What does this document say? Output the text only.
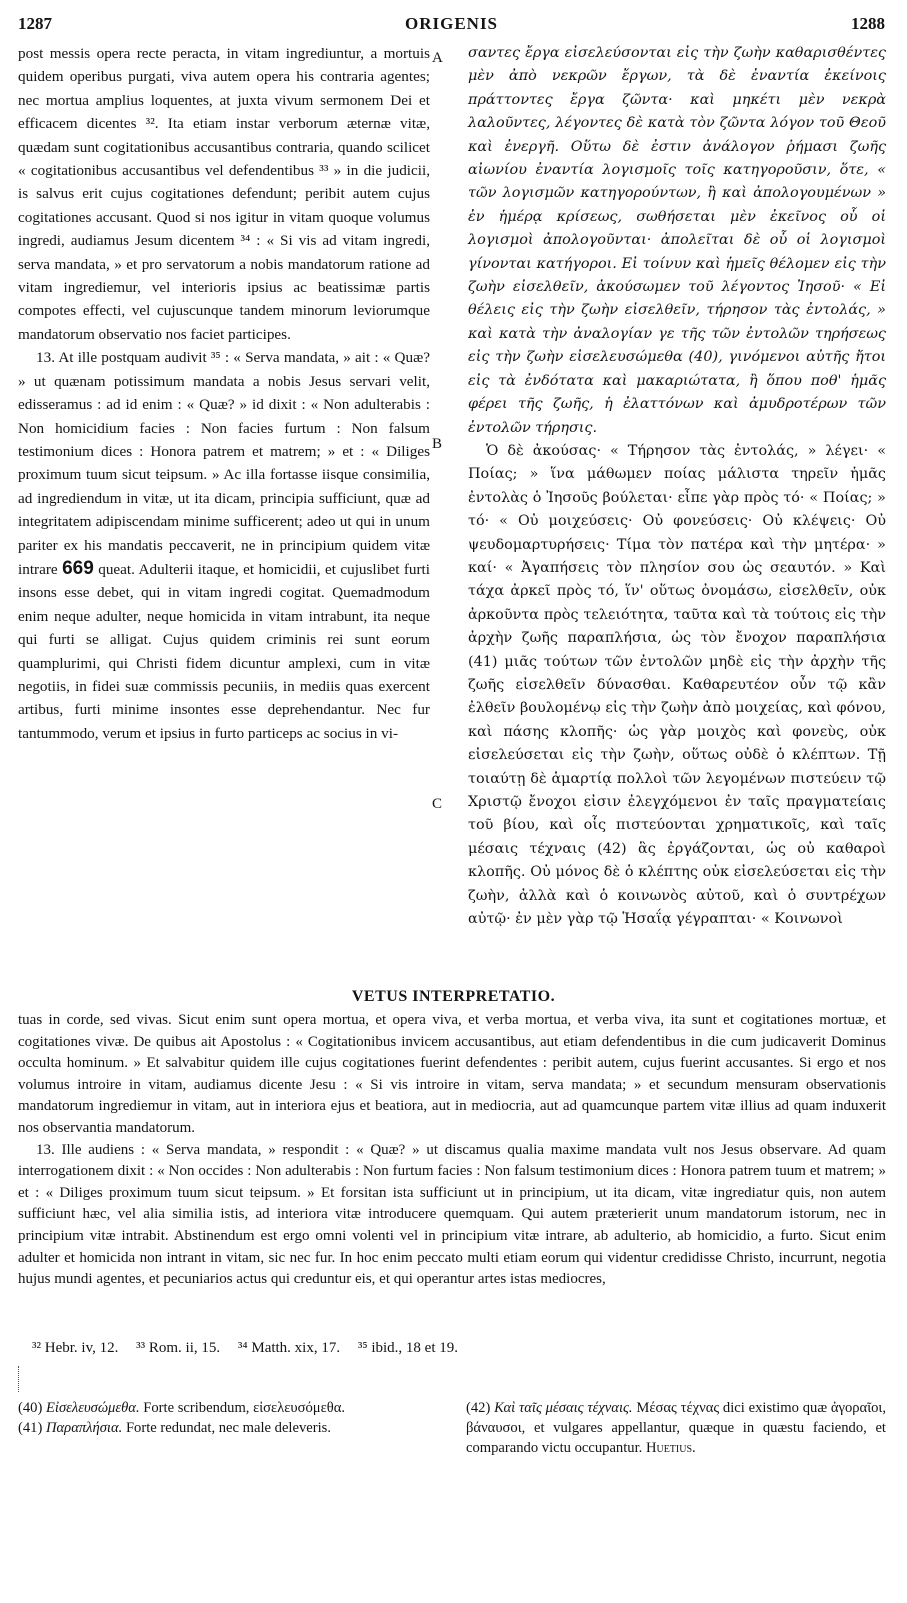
1287	ORIGENIS	1288

post messis opera recte peracta, in vitam ingrediuntur, a mortuis quidem operibus purgati, viva autem opera his contraria agentes; nec mortua amplius loquentes, at juxta vivum sermonem Dei et efficacem dicentes ³². Ita etiam instar verborum æternæ vitæ, quædam sunt cogitationibus accusantibus contraria, quando scilicet « cogitationibus accusantibus vel defendentibus ³³ » in die judicii, is salvus erit cujus cogitationes defendunt; peribit autem cujus cogitationes accusant. Quod si nos igitur in vitam quoque volumus ingredi, audiamus Jesum dicentem ³⁴ : « Si vis ad vitam ingredi, serva mandata, » et pro servatorum a nobis mandatorum ratione ad vitam ingrediemur, vel interioris ipsius ac beatissimæ partis compotes effecti, vel cujuscunque tandem minorum leviorumque mandatorum observatio nos faciet participes.

13. At ille postquam audivit ³⁵ : « Serva mandata, » ait : « Quæ? » ut quænam potissimum mandata a nobis Jesus servari velit, edisseramus : ad id enim : « Quæ? » id dixit : « Non adulterabis : Non homicidium facies : Non facies furtum : Non falsum testimonium dices : Honora patrem et matrem; » et : « Diliges proximum tuum sicut teipsum. » Ac illa fortasse iisque consimilia, ad ingrediendum in vitæ, ut ita dicam, principia sufficiunt, quæ ad integritatem adipiscendam minime sufficerent; adeo ut qui in unum pariter ex his mandatis peccaverit, ne in principium quidem vitæ intrare 669 queat. Adulterii itaque, et homicidii, et cujuslibet furti insons esse debet, qui in vitam ingredi cogitat. Quemadmodum enim neque adulter, neque homicida in vitam intrabunt, ita neque qui furti se alligat. Cujus quidem criminis rei sunt eorum quamplurimi, qui Christi fidem dicuntur amplexi, cum in vitæ negotiis, in fidei suæ commissis pecuniis, in mediis quas exercent artibus, furti minime insontes esse deprehendantur. Nec fur tantummodo, verum et ipsius in furto particeps ac socius in vi-

A
B
C

σαντες ἔργα εἰσελεύσονται εἰς τὴν ζωὴν καθαρισθέντες μὲν ἀπὸ νεκρῶν ἔργων, τὰ δὲ ἐναντία ἐκείνοις πράττοντες ἔργα ζῶντα· καὶ μηκέτι μὲν νεκρὰ λαλοῦντες, λέγοντες δὲ κατὰ τὸν ζῶντα λόγον τοῦ Θεοῦ καὶ ἐνεργῆ. Οὕτω δὲ ἐστιν ἀνάλογον ῥήμασι ζωῆς αἰωνίου ἐναντία λογισμοῖς τοῖς κατηγοροῦσιν, ὅτε, « τῶν λογισμῶν κατηγορούντων, ἢ καὶ ἀπολογουμένων » ἐν ἡμέρᾳ κρίσεως, σωθήσεται μὲν ἐκεῖνος οὗ οἱ λογισμοὶ ἀπολογοῦνται· ἀπολεῖται δὲ οὗ οἱ λογισμοὶ γίνονται κατήγοροι. Εἰ τοίνυν καὶ ἡμεῖς θέλομεν εἰς τὴν ζωὴν εἰσελθεῖν, ἀκούσωμεν τοῦ λέγοντος Ἰησοῦ· « Εἰ θέλεις εἰς τὴν ζωὴν εἰσελθεῖν, τήρησον τὰς ἐντολάς, » καὶ κατὰ τὴν ἀναλογίαν γε τῆς τῶν ἐντολῶν τηρήσεως εἰς τὴν ζωὴν εἰσελευσώμεθα (40), γινόμενοι αὐτῆς ἤτοι εἰς τὰ ἐνδότατα καὶ μακαριώτατα, ἢ ὅπου ποθ' ἡμᾶς φέρει τῆς ζωῆς, ἡ ἐλαττόνων καὶ ἀμυδροτέρων τῶν ἐντολῶν τήρησις.

Ὁ δὲ ἀκούσας· « Τήρησον τὰς ἐντολάς, » λέγει· « Ποίας; » ἵνα μάθωμεν ποίας μάλιστα τηρεῖν ἡμᾶς ἐντολὰς ὁ Ἰησοῦς βούλεται· εἶπε γὰρ πρὸς τό· « Ποίας; » τό· « Οὐ μοιχεύσεις· Οὐ φονεύσεις· Οὐ κλέψεις· Οὐ ψευδομαρτυρήσεις· Τίμα τὸν πατέρα καὶ τὴν μητέρα· » καί· « Ἀγαπήσεις τὸν πλησίον σου ὡς σεαυτόν. » Καὶ τάχα ἀρκεῖ πρὸς τό, ἵν' οὕτως ὀνομάσω, εἰσελθεῖν, οὐκ ἀρκοῦντα πρὸς τελειότητα, ταῦτα καὶ τὰ τούτοις εἰς τὴν ἀρχὴν ζωῆς παραπλήσια, ὡς τὸν ἔνοχον παραπλήσια (41) μιᾶς τούτων τῶν ἐντολῶν μηδὲ εἰς τὴν ἀρχὴν τῆς ζωῆς εἰσελθεῖν δύνασθαι. Καθαρευτέον οὖν τῷ κἂν ἐλθεῖν βουλομένῳ εἰς τὴν ζωὴν ἀπὸ μοιχείας, καὶ φόνου, καὶ πάσης κλοπῆς· ὡς γὰρ μοιχὸς καὶ φονεὺς, οὐκ εἰσελεύσεται εἰς τὴν ζωὴν, οὕτως οὐδὲ ὁ κλέπτων. Τῇ τοιαύτῃ δὲ ἁμαρτίᾳ πολλοὶ τῶν λεγομένων πιστεύειν τῷ Χριστῷ ἔνοχοι εἰσιν ἐλεγχόμενοι ἐν ταῖς πραγματείαις τοῦ βίου, καὶ οἷς πιστεύονται χρηματικοῖς, καὶ ταῖς μέσαις τέχναις (42) ἃς ἐργάζονται, ὡς οὐ καθαροὶ κλοπῆς. Οὐ μόνος δὲ ὁ κλέπτης οὐκ εἰσελεύσεται εἰς τὴν ζωὴν, ἀλλὰ καὶ ὁ κοινωνὸς αὐτοῦ, καὶ ὁ συντρέχων αὐτῷ· ἐν μὲν γὰρ τῷ Ἡσαΐᾳ γέγραπται· « Κοινωνοὶ

VETUS INTERPRETATIO.

tuas in corde, sed vivas. Sicut enim sunt opera mortua, et opera viva, et verba mortua, et verba viva, ita sunt et cogitationes mortuæ, et cogitationes vivæ. De quibus ait Apostolus : « Cogitationibus invicem accusantibus, aut etiam defendentibus in die cum judicaverit Dominus occulta hominum. » Et salvabitur quidem ille cujus cogitationes fuerint defendentes : peribit autem, cujus fuerint accusantes. Si ergo et nos volumus introire in vitam, audiamus dicente Jesu : « Si vis introire in vitam, serva mandata; » et secundum mensuram observationis mandatorum ingrediemur in vitam, aut in interiora ejus et beatiora, aut in mediocria, aut ad quamcunque partem vitæ illius ad quam induxerit nos observantia mandatorum.

13. Ille audiens : « Serva mandata, » respondit : « Quæ? » ut discamus qualia maxime mandata vult nos Jesus observare. Ad quam interrogationem dixit : « Non occides : Non adulterabis : Non furtum facies : Non falsum testimonium dices : Honora patrem tuum et matrem; » et : « Diliges proximum tuum sicut teipsum. » Et forsitan ista sufficiunt ut in principium, ut ita dicam, vitæ ingrediatur quis, non autem sufficiunt hæc, vel alia similia istis, ad interiora vitæ introducere quemquam. Qui autem præterierit unum mandatorum istorum, nec in principium vitæ intrabit. Abstinendum est ergo omni volenti vel in principium vitæ intrare, ab adulterio, ab homicidio, a furto. Sicut enim adulter et homicida non intrant in vitam, sic nec fur. In hoc enim peccato multi etiam eorum qui videntur credidisse Christo, incurrunt, negotia hujus mundi agentes, et pecuniarios actus qui creduntur eis, et qui operantur artes istas mediocres,

³² Hebr. iv, 12. ³³ Rom. ii, 15. ³⁴ Matth. xix, 17. ³⁵ ibid., 18 et 19.

(40) Εἰσελευσώμεθα. Forte scribendum, εἰσελευσόμεθα.

(41) Παραπλήσια. Forte redundat, nec male deleveris.

(42) Καὶ ταῖς μέσαις τέχναις. Μέσας τέχνας dici existimo quæ ἀγοραῖοι, βάναυσοι, et vulgares appellantur, quæque in quæstu faciendo, et comparando victu occupantur. Huetius.
